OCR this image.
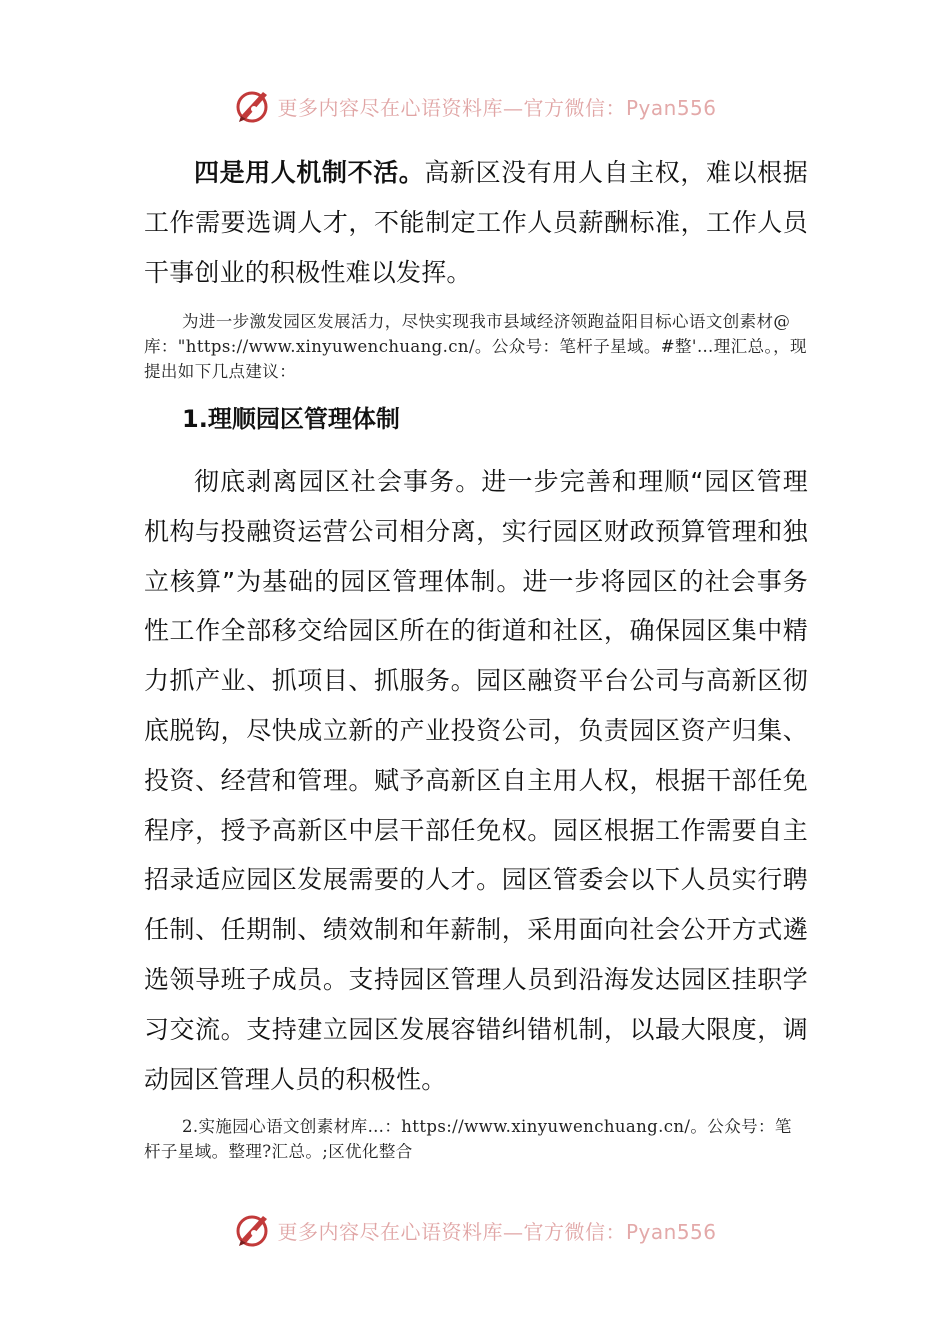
更多内容尽在心语资料库—官方微信：Pyan556

四是用人机制不活。高新区没有用人自主权，难以根据工作需要选调人才，不能制定工作人员薪酬标准，工作人员干事创业的积极性难以发挥。

为进一步激发园区发展活力，尽快实现我市县域经济领跑益阳目标心语文创素材@库："https://www.xinyuwenchuang.cn/。公众号：笔杆子星域。#整'…理汇总。，现提出如下几点建议：

1.理顺园区管理体制

彻底剥离园区社会事务。进一步完善和理顺“园区管理机构与投融资运营公司相分离，实行园区财政预算管理和独立核算”为基础的园区管理体制。进一步将园区的社会事务性工作全部移交给园区所在的街道和社区，确保园区集中精力抓产业、抓项目、抓服务。园区融资平台公司与高新区彻底脱钩，尽快成立新的产业投资公司，负责园区资产归集、投资、经营和管理。赋予高新区自主用人权，根据干部任免程序，授予高新区中层干部任免权。园区根据工作需要自主招录适应园区发展需要的人才。园区管委会以下人员实行聘任制、任期制、绩效制和年薪制，采用面向社会公开方式遴选领导班子成员。支持园区管理人员到沿海发达园区挂职学习交流。支持建立园区发展容错纠错机制，以最大限度，调动园区管理人员的积极性。

2.实施园心语文创素材库…：https://www.xinyuwenchuang.cn/。公众号：笔杆子星域。整理?汇总。;区优化整合

更多内容尽在心语资料库—官方微信：Pyan556
